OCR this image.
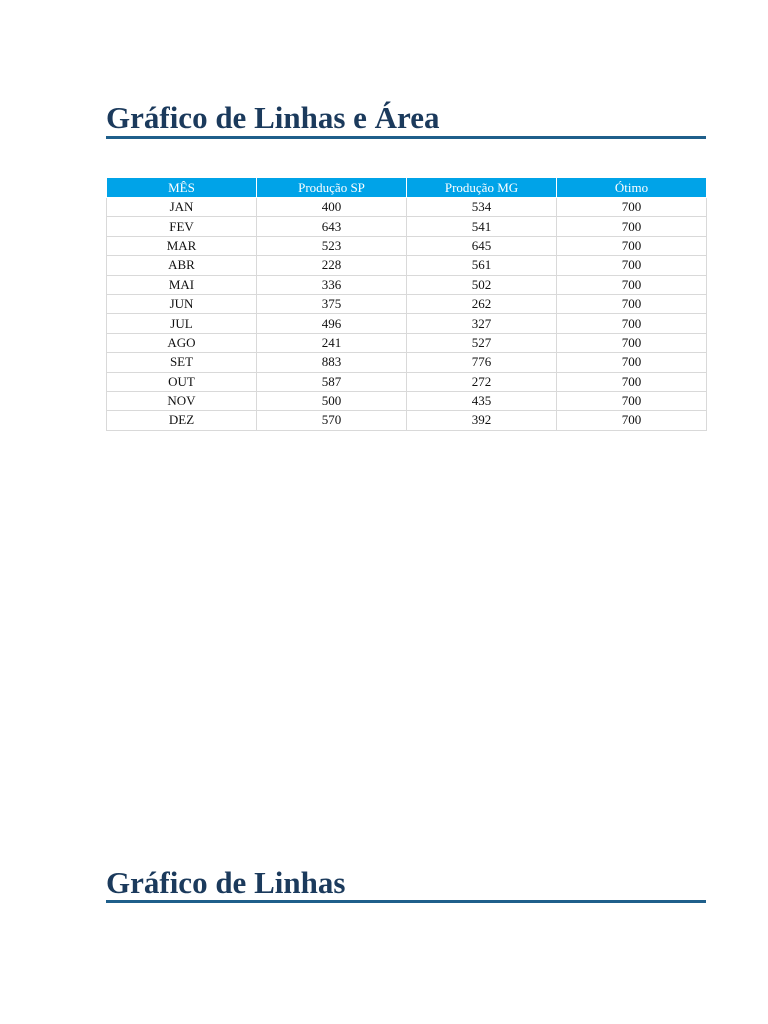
Gráfico de Linhas e Área
MÊS	Produção SP	Produção MG	Ótimo
JAN	400	534	700
FEV	643	541	700
MAR	523	645	700
ABR	228	561	700
MAI	336	502	700
JUN	375	262	700
JUL	496	327	700
AGO	241	527	700
SET	883	776	700
OUT	587	272	700
NOV	500	435	700
DEZ	570	392	700
Gráfico de Linhas
